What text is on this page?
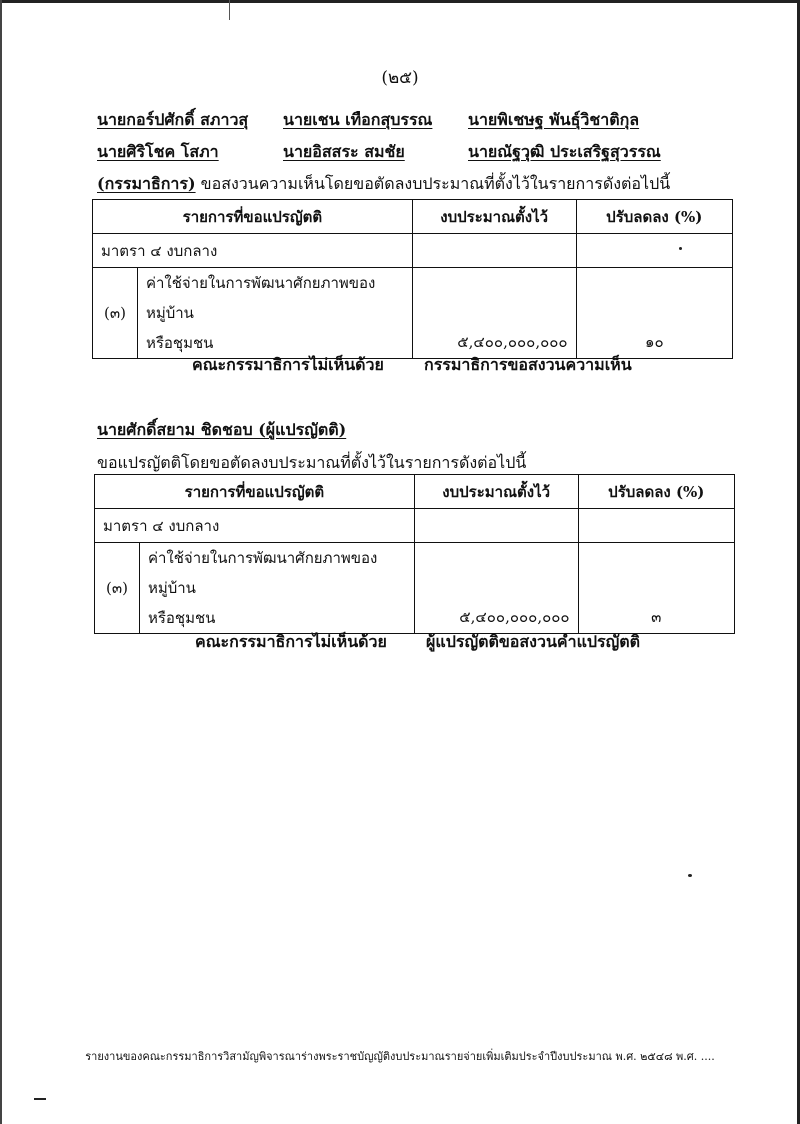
(๒๕)
นายกอร์ปศักดิ์ สภาวสุ นายเชน เทือกสุบรรณ นายพิเชษฐ พันธุ์วิชาติกุล
นายศิริโชค โสภา	นายอิสสระ สมชัย	นายณัฐวุฒิ ประเสริฐสุวรรณ
(กรรมาธิการ) ขอสงวนความเห็นโดยขอตัดลงบประมาณที่ตั้งไว้ในรายการดังต่อไปนี้
รายการที่ขอแปรญัตติ		งบประมาณตั้งไว้	ปรับลดลง (%)
มาตรา ๔ งบกลาง			
(๓)	ค่าใช้จ่ายในการพัฒนาศักยภาพของหมู่บ้าน
หรือชุมชน	๕,๔๐๐,๐๐๐,๐๐๐	๑๐
คณะกรรมาธิการไม่เห็นด้วย	กรรมาธิการขอสงวนความเห็น
นายศักดิ์สยาม ชิดชอบ (ผู้แปรญัตติ)
ขอแปรญัตติโดยขอตัดลงบประมาณที่ตั้งไว้ในรายการดังต่อไปนี้
รายการที่ขอแปรญัตติ		งบประมาณตั้งไว้	ปรับลดลง (%)
มาตรา ๔ งบกลาง			
(๓)	ค่าใช้จ่ายในการพัฒนาศักยภาพของหมู่บ้าน
หรือชุมชน	๕,๔๐๐,๐๐๐,๐๐๐	๓
คณะกรรมาธิการไม่เห็นด้วย ผู้แปรญัตติขอสงวนคำแปรญัตติ
รายงานของคณะกรรมาธิการวิสามัญพิจารณาร่างพระราชบัญญัติงบประมาณรายจ่ายเพิ่มเติมประจำปีงบประมาณ พ.ศ. ๒๕๔๘ พ.ศ. ....
